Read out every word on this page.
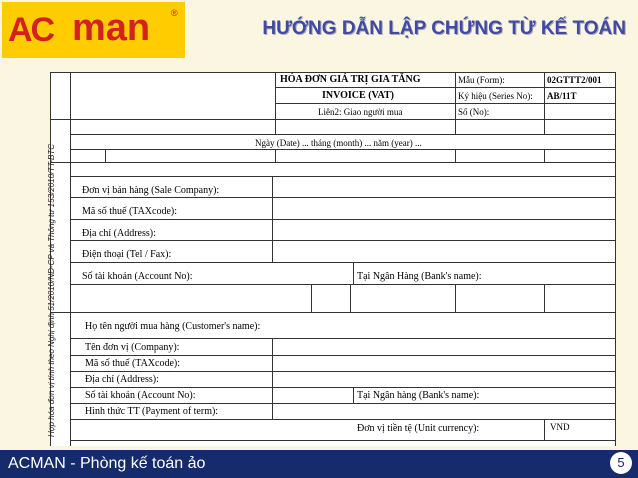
AC man ®
HƯỚNG DẪN LẬP CHỨNG TỪ KẾ TOÁN
HÓA ĐƠN GIÁ TRỊ GIA TĂNG
INVOICE (VAT)
Liên2: Giao người mua
Ngày (Date) ... tháng (month) ... năm (year) ...
Mẫu (Form):	02GTTT2/001
Ký hiệu (Series No): AB/11T
Số (No):
Đơn vị bán hàng (Sale Company):
Mã số thuế (TAXcode):
Địa chỉ (Address):
Điện thoại (Tel / Fax):
Số tài khoản (Account No):	Tại Ngân Hàng (Bank's name):
Họ tên người mua hàng (Customer's name):
Tên đơn vị (Company):
Mã số thuế (TAXcode):
Địa chỉ (Address):
Số tài khoản (Account No):	Tại Ngân hàng (Bank's name):
Hình thức TT (Payment of term):
Đơn vị tiền tệ (Unit currency):	VND
Hợp hóa đơn vị tính theo Nghị định 51/2010/NĐ-CP và Thông tư 153/2010/TT-BTC
ACMAN - Phòng kế toán ảo	5
